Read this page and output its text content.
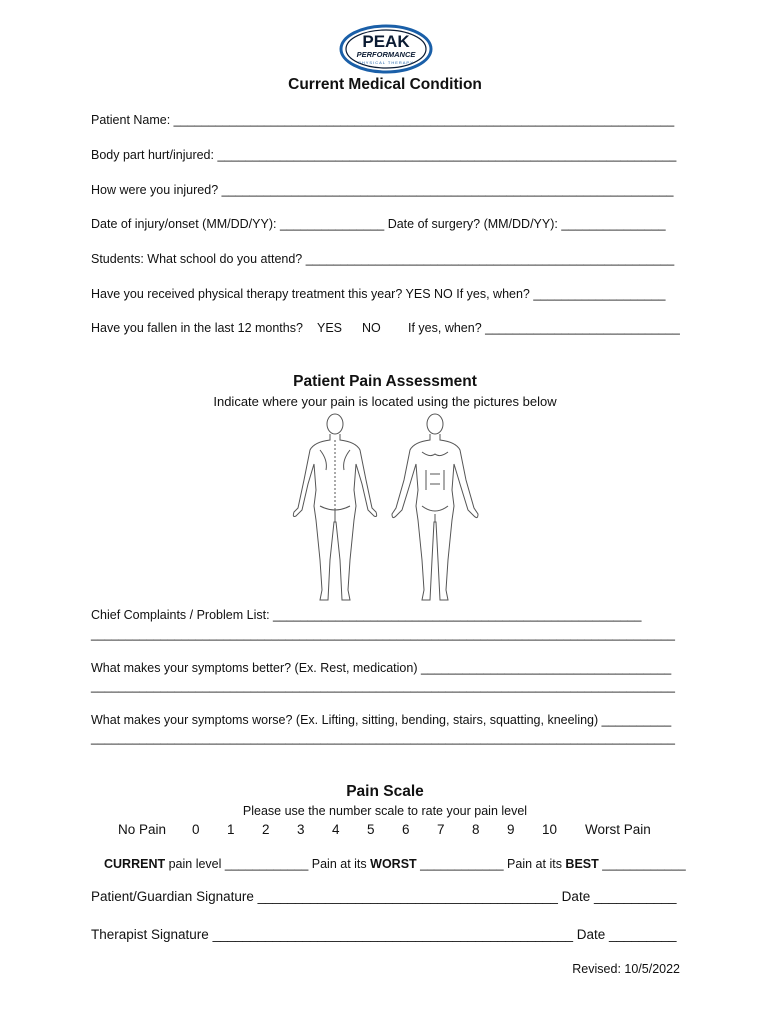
PEAK
PERFORMANCE
PHYSICAL THERAPY
Current Medical Condition
Patient Name: ________________________________________________________________________
Body part hurt/injured: __________________________________________________________________
How were you injured? _________________________________________________________________
Date of injury/onset (MM/DD/YY): _______________ Date of surgery? (MM/DD/YY): _______________
Students: What school do you attend? _____________________________________________________
Have you received physical therapy treatment this year? YES NO If yes, when? ___________________
Have you fallen in the last 12 months? YES NO If yes, when? ____________________________
Patient Pain Assessment
Indicate where your pain is located using the pictures below
Chief Complaints / Problem List: _____________________________________________________
____________________________________________________________________________________
What makes your symptoms better? (Ex. Rest, medication) ____________________________________
____________________________________________________________________________________
What makes your symptoms worse? (Ex. Lifting, sitting, bending, stairs, squatting, kneeling) __________
____________________________________________________________________________________
Pain Scale
Please use the number scale to rate your pain level
No Pain 0 1 2 3 4 5 6 7 8 9 10 Worst Pain
CURRENT pain level ____________ Pain at its WORST ____________ Pain at its BEST ____________
Patient/Guardian Signature ________________________________________ Date ___________
Therapist Signature ________________________________________________ Date _________
Revised: 10/5/2022
